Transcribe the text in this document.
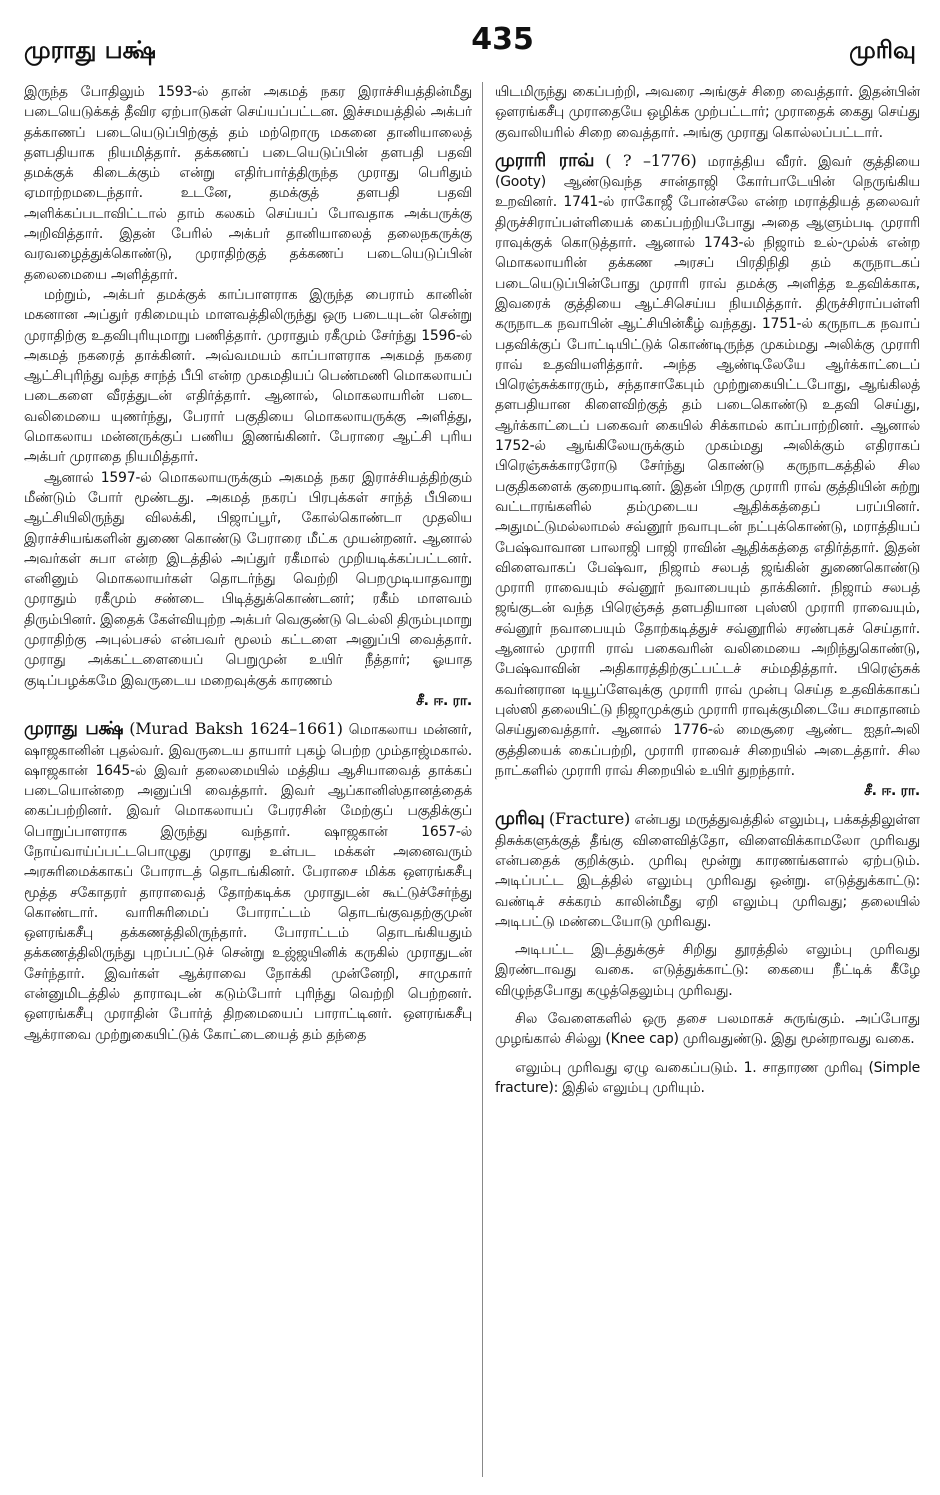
முராது பக்ஷ்	435	முரிவு

இருந்த போதிலும் 1593-ல் தான் அகமத் நகர இராச்சியத்தின்மீது படையெடுக்கத் தீவிர ஏற்பாடுகள் செய்யப்பட்டன. இச்சமயத்தில் அக்பர் தக்காணப் படையெடுப்பிற்குத் தம் மற்றொரு மகனை தானியாலைத் தளபதியாக நியமித்தார். தக்கணப் படையெடுப்பின் தளபதி பதவி தமக்குக் கிடைக்கும் என்று எதிர்பார்த்திருந்த முராது பெரிதும் ஏமாற்றமடைந்தார். உடனே, தமக்குத் தளபதி பதவி அளிக்கப்படாவிட்டால் தாம் கலகம் செய்யப் போவதாக அக்பருக்கு அறிவித்தார். இதன் பேரில் அக்பர் தானியாலைத் தலைநகருக்கு வரவழைத்துக்கொண்டு, முராதிற்குத் தக்கணப் படையெடுப்பின் தலைமையை அளித்தார்.

மற்றும், அக்பர் தமக்குக் காப்பாளராக இருந்த பைராம் கானின் மகனான அப்துர் ரகிமையும் மாளவத்திலிருந்து ஒரு படையுடன் சென்று முராதிற்கு உதவிபுரியுமாறு பணித்தார். முராதும் ரகீமும் சேர்ந்து 1596-ல் அகமத் நகரைத் தாக்கினர். அவ்வமயம் காப்பாளராக அகமத் நகரை ஆட்சிபுரிந்து வந்த சாந்த் பீபி என்ற முகமதியப் பெண்மணி மொகலாயப் படைகளை வீரத்துடன் எதிர்த்தார். ஆனால், மொகலாயரின் படை வலிமையை யுணர்ந்து, பேரார் பகுதியை மொகலாயருக்கு அளித்து, மொகலாய மன்னருக்குப் பணிய இணங்கினர். பேராரை ஆட்சி புரிய அக்பர் முராதை நியமித்தார்.

ஆனால் 1597-ல் மொகலாயருக்கும் அகமத் நகர இராச்சியத்திற்கும் மீண்டும் போர் மூண்டது. அகமத் நகரப் பிரபுக்கள் சாந்த் பீபியை ஆட்சியிலிருந்து விலக்கி, பிஜாப்பூர், கோல்கொண்டா முதலிய இராச்சியங்களின் துணை கொண்டு பேராரை மீட்க முயன்றனர். ஆனால் அவர்கள் சுபா என்ற இடத்தில் அப்துர் ரகீமால் முறியடிக்கப்பட்டனர். எனினும் மொகலாயர்கள் தொடர்ந்து வெற்றி பெறமுடியாதவாறு முராதும் ரகீமும் சண்டை பிடித்துக்கொண்டனர்; ரகீம் மாளவம் திரும்பினர். இதைக் கேள்வியுற்ற அக்பர் வெகுண்டு டெல்லி திரும்புமாறு முராதிற்கு அபுல்பசல் என்பவர் மூலம் கட்டளை அனுப்பி வைத்தார். முராது அக்கட்டளையைப் பெறுமுன் உயிர் நீத்தார்; ஓயாத குடிப்பழக்கமே இவருடைய மறைவுக்குக் காரணம்

சீ. ஈ. ரா.

முராது பக்ஷ் (Murad Baksh 1624–1661) மொகலாய மன்னர், ஷாஜகானின் புதல்வர். இவருடைய தாயார் புகழ் பெற்ற மும்தாஜ்மகால். ஷாஜகான் 1645-ல் இவர் தலைமையில் மத்திய ஆசியாவைத் தாக்கப் படையொன்றை அனுப்பி வைத்தார். இவர் ஆப்கானிஸ்தானத்தைக் கைப்பற்றினர். இவர் மொகலாயப் பேரரசின் மேற்குப் பகுதிக்குப் பொறுப்பாளராக இருந்து வந்தார். ஷாஜகான் 1657-ல் நோய்வாய்ப்பட்டபொழுது முராது உள்பட மக்கள் அனைவரும் அரசுரிமைக்காகப் போராடத் தொடங்கினர். பேராசை மிக்க ஔரங்கசீபு மூத்த சகோதரர் தாராவைத் தோற்கடிக்க முராதுடன் கூட்டுச்சேர்ந்து கொண்டார். வாரிசுரிமைப் போராட்டம் தொடங்குவதற்குமுன் ஔரங்கசீபு தக்கணத்திலிருந்தார். போராட்டம் தொடங்கியதும் தக்கணத்திலிருந்து புறப்பட்டுச் சென்று உஜ்ஜயினிக் கருகில் முராதுடன் சேர்ந்தார். இவர்கள் ஆக்ராவை நோக்கி முன்னேறி, சாமுகார் என்னுமிடத்தில் தாராவுடன் கடும்போர் புரிந்து வெற்றி பெற்றனர். ஔரங்கசீபு முராதின் போர்த் திறமையைப் பாராட்டினர். ஔரங்கசீபு ஆக்ராவை முற்றுகையிட்டுக் கோட்டையைத் தம் தந்தை

யிடமிருந்து கைப்பற்றி, அவரை அங்குச் சிறை வைத்தார். இதன்பின் ஔரங்கசீபு முராதையே ஒழிக்க முற்பட்டார்; முராதைக் கைது செய்து குவாலியரில் சிறை வைத்தார். அங்கு முராது கொல்லப்பட்டார்.

முராரி ராவ் ( ? –1776) மராத்திய வீரர். இவர் குத்தியை (Gooty) ஆண்டுவந்த சான்தாஜி கோர்பாடேயின் நெருங்கிய உறவினர். 1741-ல் ராகோஜீ போன்சலே என்ற மராத்தியத் தலைவர் திருச்சிராப்பள்ளியைக் கைப்பற்றியபோது அதை ஆளும்படி முராரி ராவுக்குக் கொடுத்தார். ஆனால் 1743-ல் நிஜாம் உல்-முல்க் என்ற மொகலாயரின் தக்கண அரசப் பிரதிநிதி தம் கருநாடகப் படையெடுப்பின்போது முராரி ராவ் தமக்கு அளித்த உதவிக்காக, இவரைக் குத்தியை ஆட்சிசெய்ய நியமித்தார். திருச்சிராப்பள்ளி கருநாடக நவாபின் ஆட்சியின்கீழ் வந்தது. 1751-ல் கருநாடக நவாப் பதவிக்குப் போட்டியிட்டுக் கொண்டிருந்த முகம்மது அலிக்கு முராரி ராவ் உதவியளித்தார். அந்த ஆண்டிலேயே ஆர்க்காட்டைப் பிரெஞ்சுக்காரரும், சந்தாசாகேபும் முற்றுகையிட்டபோது, ஆங்கிலத் தளபதியான கிளைவிற்குத் தம் படைகொண்டு உதவி செய்து, ஆர்க்காட்டைப் பகைவர் கையில் சிக்காமல் காப்பாற்றினர். ஆனால் 1752-ல் ஆங்கிலேயருக்கும் முகம்மது அலிக்கும் எதிராகப் பிரெஞ்சுக்காரரோடு சேர்ந்து கொண்டு கருநாடகத்தில் சில பகுதிகளைக் குறையாடினர். இதன் பிறகு முராரி ராவ் குத்தியின் சுற்று வட்டாரங்களில் தம்முடைய ஆதிக்கத்தைப் பரப்பினர். அதுமட்டுமல்லாமல் சவ்னூர் நவாபுடன் நட்புக்கொண்டு, மராத்தியப் பேஷ்வாவான பாலாஜி பாஜி ராவின் ஆதிக்கத்தை எதிர்த்தார். இதன் விளைவாகப் பேஷ்வா, நிஜாம் சலபத் ஜங்கின் துணைகொண்டு முராரி ராவையும் சவ்னூர் நவாபையும் தாக்கினர். நிஜாம் சலபத் ஜங்குடன் வந்த பிரெஞ்சுத் தளபதியான புஸ்ஸி முராரி ராவையும், சவ்னூர் நவாபையும் தோற்கடித்துச் சவ்னூரில் சரண்புகச் செய்தார். ஆனால் முராரி ராவ் பகைவரின் வலிமையை அறிந்துகொண்டு, பேஷ்வாவின் அதிகாரத்திற்குட்பட்டச் சம்மதித்தார். பிரெஞ்சுக் கவர்னரான டியூப்ளேவுக்கு முராரி ராவ் முன்பு செய்த உதவிக்காகப் புஸ்ஸி தலையிட்டு நிஜாமுக்கும் முராரி ராவுக்குமிடையே சமாதானம் செய்துவைத்தார். ஆனால் 1776-ல் மைசூரை ஆண்ட ஐதர்அலி குத்தியைக் கைப்பற்றி, முராரி ராவைச் சிறையில் அடைத்தார். சில நாட்களில் முராரி ராவ் சிறையில் உயிர் துறந்தார்.

சீ. ஈ. ரா.

முரிவு (Fracture) என்பது மருத்துவத்தில் எலும்பு, பக்கத்திலுள்ள திசுக்களுக்குத் தீங்கு விளைவித்தோ, விளைவிக்காமலோ முரிவது என்பதைக் குறிக்கும். முரிவு மூன்று காரணங்களால் ஏற்படும். அடிப்பட்ட இடத்தில் எலும்பு முரிவது ஒன்று. எடுத்துக்காட்டு: வண்டிச் சக்கரம் காலின்மீது ஏறி எலும்பு முரிவது; தலையில் அடிபட்டு மண்டையோடு முரிவது.

அடிபட்ட இடத்துக்குச் சிறிது தூரத்தில் எலும்பு முரிவது இரண்டாவது வகை. எடுத்துக்காட்டு: கையை நீட்டிக் கீழே விழுந்தபோது கழுத்தெலும்பு முரிவது.

சில வேளைகளில் ஒரு தசை பலமாகச் சுருங்கும். அப்போது முழங்கால் சில்லு (Knee cap) முரிவதுண்டு. இது மூன்றாவது வகை.

எலும்பு முரிவது ஏழு வகைப்படும். 1. சாதாரண முரிவு (Simple fracture): இதில் எலும்பு முரியும்.
